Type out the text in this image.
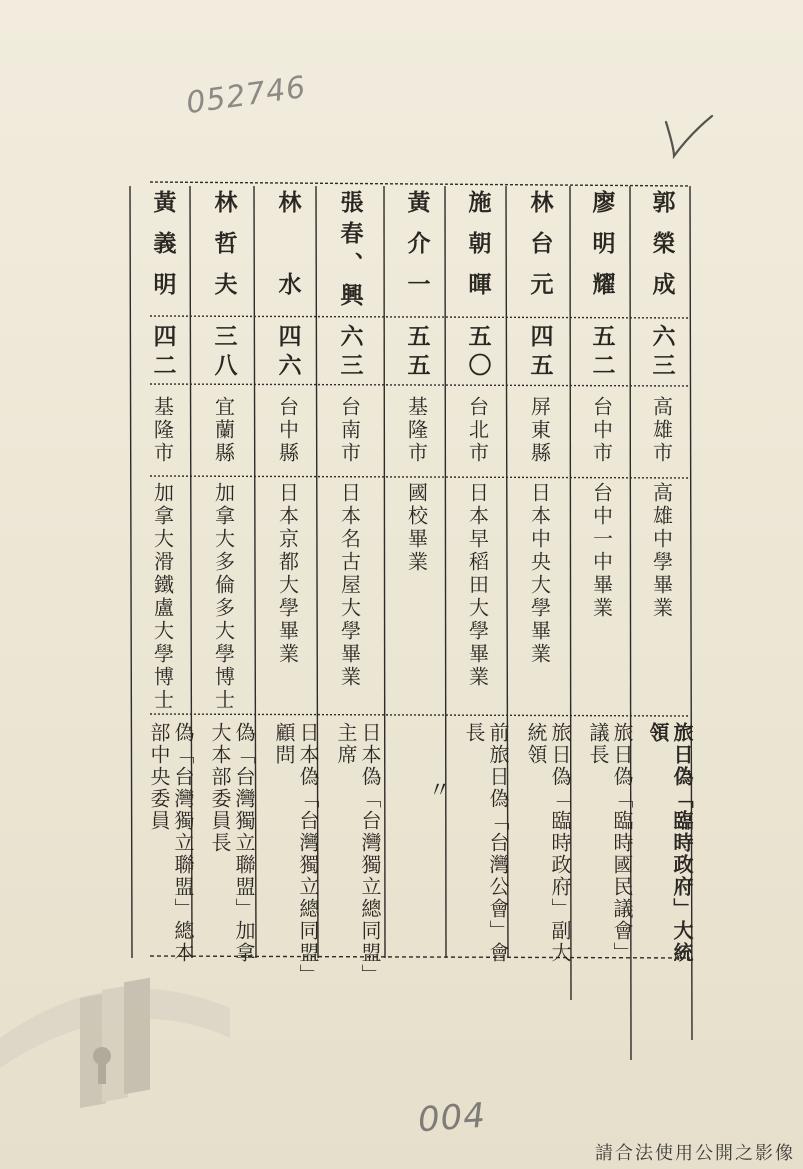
052746
郭榮成
六三
高雄市
高雄中學畢業
旅日偽「臨時政府」大統領
廖明耀
五二
台中市
台中一中畢業
旅日偽「臨時國民議會」議長
林台元
四五
屏東縣
日本中央大學畢業
旅日偽「臨時政府」副大統領
施朝暉
五〇
台北市
日本早稻田大學畢業
前旅日偽「台灣公會」會長
黃介一
五五
基隆市
國校畢業
〃
張春、興
六三
台南市
日本名古屋大學畢業
日本偽「台灣獨立總同盟」主席
林　水
四六
台中縣
日本京都大學畢業
日本偽「台灣獨立總同盟」顧問
林哲夫
三八
宜蘭縣
加拿大多倫多大學博士
偽「台灣獨立聯盟」加拿大本部委員長
黃義明
四二
基隆市
加拿大滑鐵盧大學博士
偽「台灣獨立聯盟」總本部中央委員
004
請合法使用公開之影像
